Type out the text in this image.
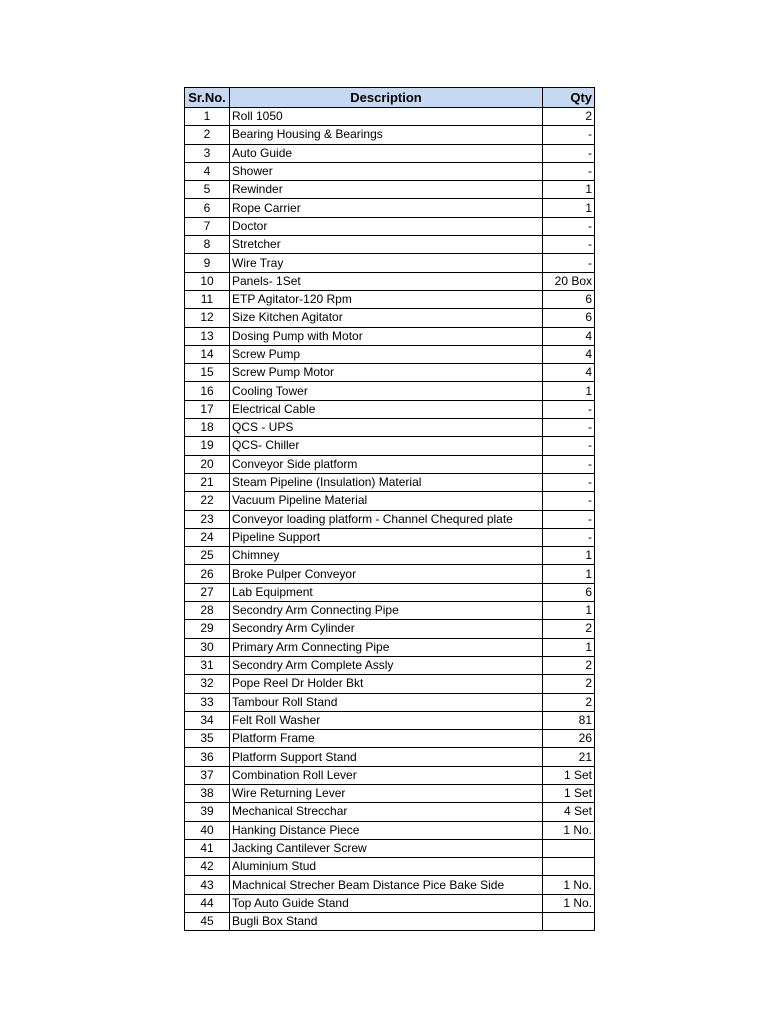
Sr.No.	Description	Qty
1	Roll 1050	2
2	Bearing Housing & Bearings	-
3	Auto Guide	-
4	Shower	-
5	Rewinder	1
6	Rope Carrier	1
7	Doctor	-
8	Stretcher	-
9	Wire Tray	-
10	Panels- 1Set	20 Box
11	ETP Agitator-120 Rpm	6
12	Size Kitchen Agitator	6
13	Dosing Pump with Motor	4
14	Screw Pump	4
15	Screw Pump Motor	4
16	Cooling Tower	1
17	Electrical Cable	-
18	QCS - UPS	-
19	QCS- Chiller	-
20	Conveyor Side platform	-
21	Steam Pipeline (Insulation) Material	-
22	Vacuum Pipeline Material	-
23	Conveyor loading platform - Channel Chequred plate	-
24	Pipeline Support	-
25	Chimney	1
26	Broke Pulper Conveyor	1
27	Lab Equipment	6
28	Secondry Arm Connecting Pipe	1
29	Secondry Arm Cylinder	2
30	Primary Arm Connecting Pipe	1
31	Secondry Arm Complete Assly	2
32	Pope Reel Dr Holder Bkt	2
33	Tambour Roll Stand	2
34	Felt Roll Washer	81
35	Platform Frame	26
36	Platform Support Stand	21
37	Combination Roll Lever	1 Set
38	Wire Returning Lever	1 Set
39	Mechanical Strecchar	4 Set
40	Hanking Distance Piece	1 No.
41	Jacking Cantilever Screw	
42	Aluminium Stud	
43	Machnical Strecher Beam Distance Pice Bake Side	1 No.
44	Top Auto Guide Stand	1 No.
45	Bugli Box Stand	
